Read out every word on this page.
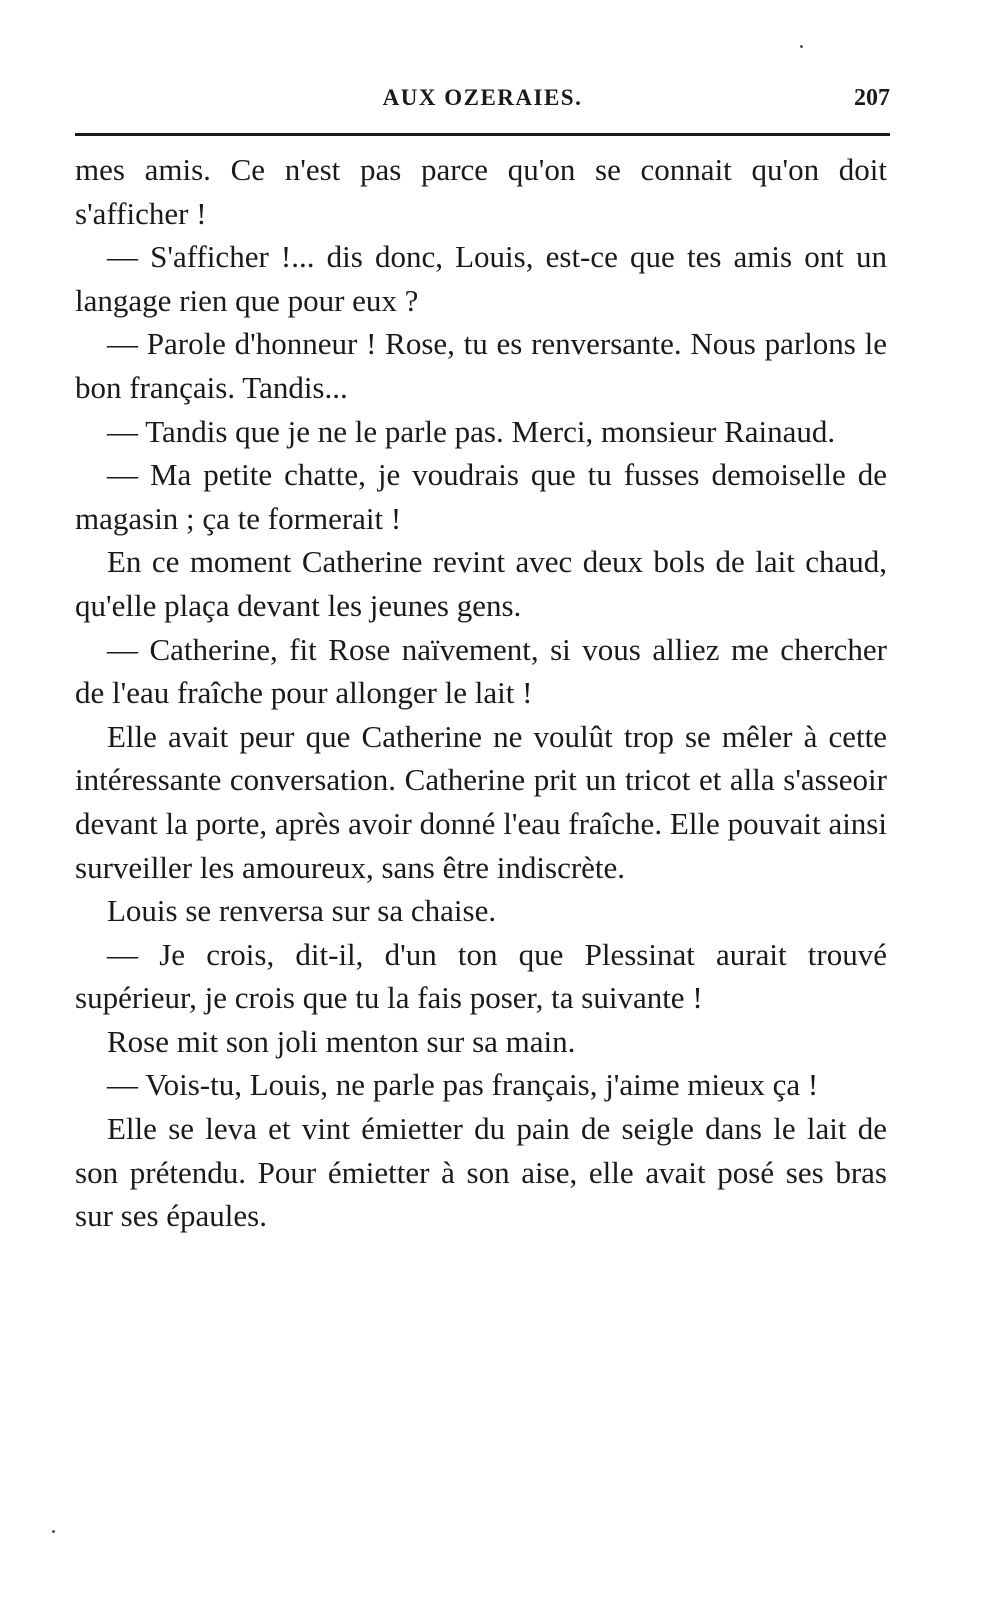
AUX OZERAIES.	207

mes amis. Ce n'est pas parce qu'on se connait qu'on doit s'afficher !

— S'afficher !... dis donc, Louis, est-ce que tes amis ont un langage rien que pour eux ?

— Parole d'honneur ! Rose, tu es renversante. Nous parlons le bon français. Tandis...

— Tandis que je ne le parle pas. Merci, monsieur Rainaud.

— Ma petite chatte, je voudrais que tu fusses demoiselle de magasin ; ça te formerait !

En ce moment Catherine revint avec deux bols de lait chaud, qu'elle plaça devant les jeunes gens.

— Catherine, fit Rose naïvement, si vous alliez me chercher de l'eau fraîche pour allonger le lait !

Elle avait peur que Catherine ne voulût trop se mêler à cette intéressante conversation. Catherine prit un tricot et alla s'asseoir devant la porte, après avoir donné l'eau fraîche. Elle pouvait ainsi surveiller les amoureux, sans être indiscrète.

Louis se renversa sur sa chaise.

— Je crois, dit-il, d'un ton que Plessinat aurait trouvé supérieur, je crois que tu la fais poser, ta suivante !

Rose mit son joli menton sur sa main.

— Vois-tu, Louis, ne parle pas français, j'aime mieux ça !

Elle se leva et vint émietter du pain de seigle dans le lait de son prétendu. Pour émietter à son aise, elle avait posé ses bras sur ses épaules.
